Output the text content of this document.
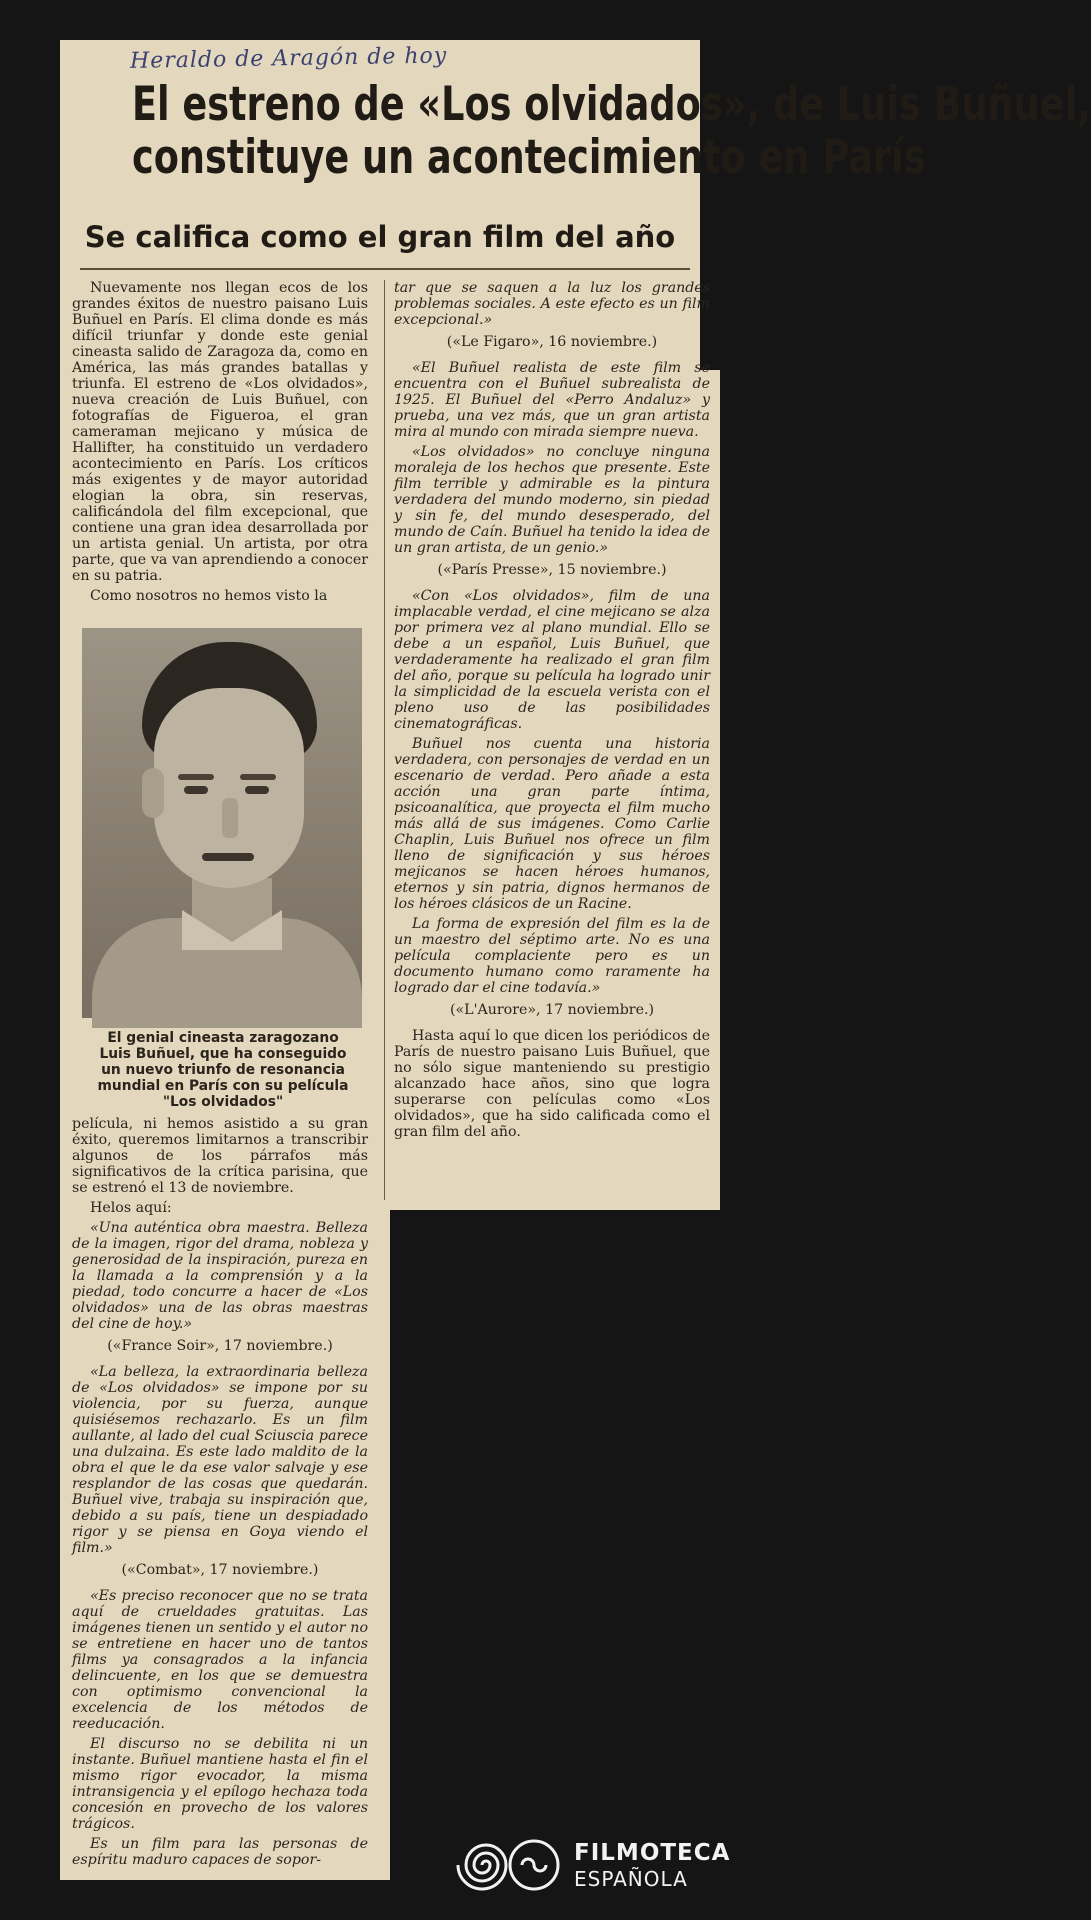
Heraldo de Aragón de hoy
El estreno de «Los olvidados», de Luis Buñuel,
constituye un acontecimiento en París
Se califica como el gran film del año

Nuevamente nos llegan ecos de los grandes éxitos de nuestro paisano Luis Buñuel en París. El clima donde es más difícil triunfar y donde este genial cineasta salido de Zaragoza da, como en América, las más grandes batallas y triunfa. El estreno de «Los olvidados», nueva creación de Luis Buñuel, con fotografías de Figueroa, el gran cameraman mejicano y música de Hallifter, ha constituido un verdadero acontecimiento en París. Los críticos más exigentes y de mayor autoridad elogian la obra, sin reservas, calificándola del film excepcional, que contiene una gran idea desarrollada por un artista genial. Un artista, por otra parte, que va van aprendiendo a conocer en su patria.

Como nosotros no hemos visto la

El genial cineasta zaragozano Luis Buñuel, que ha conseguido un nuevo triunfo de resonancia mundial en París con su película "Los olvidados"

película, ni hemos asistido a su gran éxito, queremos limitarnos a transcribir algunos de los párrafos más significativos de la crítica parisina, que se estrenó el 13 de noviembre.

Helos aquí:

«Una auténtica obra maestra. Belleza de la imagen, rigor del drama, nobleza y generosidad de la inspiración, pureza en la llamada a la comprensión y a la piedad, todo concurre a hacer de «Los olvidados» una de las obras maestras del cine de hoy.»

(«France Soir», 17 noviembre.)

«La belleza, la extraordinaria belleza de «Los olvidados» se impone por su violencia, por su fuerza, aunque quisiésemos rechazarlo. Es un film aullante, al lado del cual Sciuscia parece una dulzaina. Es este lado maldito de la obra el que le da ese valor salvaje y ese resplandor de las cosas que quedarán. Buñuel vive, trabaja su inspiración que, debido a su país, tiene un despiadado rigor y se piensa en Goya viendo el film.»

(«Combat», 17 noviembre.)

«Es preciso reconocer que no se trata aquí de crueldades gratuitas. Las imágenes tienen un sentido y el autor no se entretiene en hacer uno de tantos films ya consagrados a la infancia delincuente, en los que se demuestra con optimismo convencional la excelencia de los métodos de reeducación.

El discurso no se debilita ni un instante. Buñuel mantiene hasta el fin el mismo rigor evocador, la misma intransigencia y el epílogo hechaza toda concesión en provecho de los valores trágicos.

Es un film para las personas de espíritu maduro capaces de sopor-

tar que se saquen a la luz los grandes problemas sociales. A este efecto es un film excepcional.»

(«Le Figaro», 16 noviembre.)

«El Buñuel realista de este film se encuentra con el Buñuel subrealista de 1925. El Buñuel del «Perro Andaluz» y prueba, una vez más, que un gran artista mira al mundo con mirada siempre nueva.

«Los olvidados» no concluye ninguna moraleja de los hechos que presente. Este film terrible y admirable es la pintura verdadera del mundo moderno, sin piedad y sin fe, del mundo desesperado, del mundo de Caín. Buñuel ha tenido la idea de un gran artista, de un genio.»

(«París Presse», 15 noviembre.)

«Con «Los olvidados», film de una implacable verdad, el cine mejicano se alza por primera vez al plano mundial. Ello se debe a un español, Luis Buñuel, que verdaderamente ha realizado el gran film del año, porque su película ha logrado unir la simplicidad de la escuela verista con el pleno uso de las posibilidades cinematográficas.

Buñuel nos cuenta una historia verdadera, con personajes de verdad en un escenario de verdad. Pero añade a esta acción una gran parte íntima, psicoanalítica, que proyecta el film mucho más allá de sus imágenes. Como Carlie Chaplin, Luis Buñuel nos ofrece un film lleno de significación y sus héroes mejicanos se hacen héroes humanos, eternos y sin patria, dignos hermanos de los héroes clásicos de un Racine.

La forma de expresión del film es la de un maestro del séptimo arte. No es una película complaciente pero es un documento humano como raramente ha logrado dar el cine todavía.»

(«L'Aurore», 17 noviembre.)

Hasta aquí lo que dicen los periódicos de París de nuestro paisano Luis Buñuel, que no sólo sigue manteniendo su prestigio alcanzado hace años, sino que logra superarse con películas como «Los olvidados», que ha sido calificada como el gran film del año.

FILMOTECA
ESPAÑOLA
